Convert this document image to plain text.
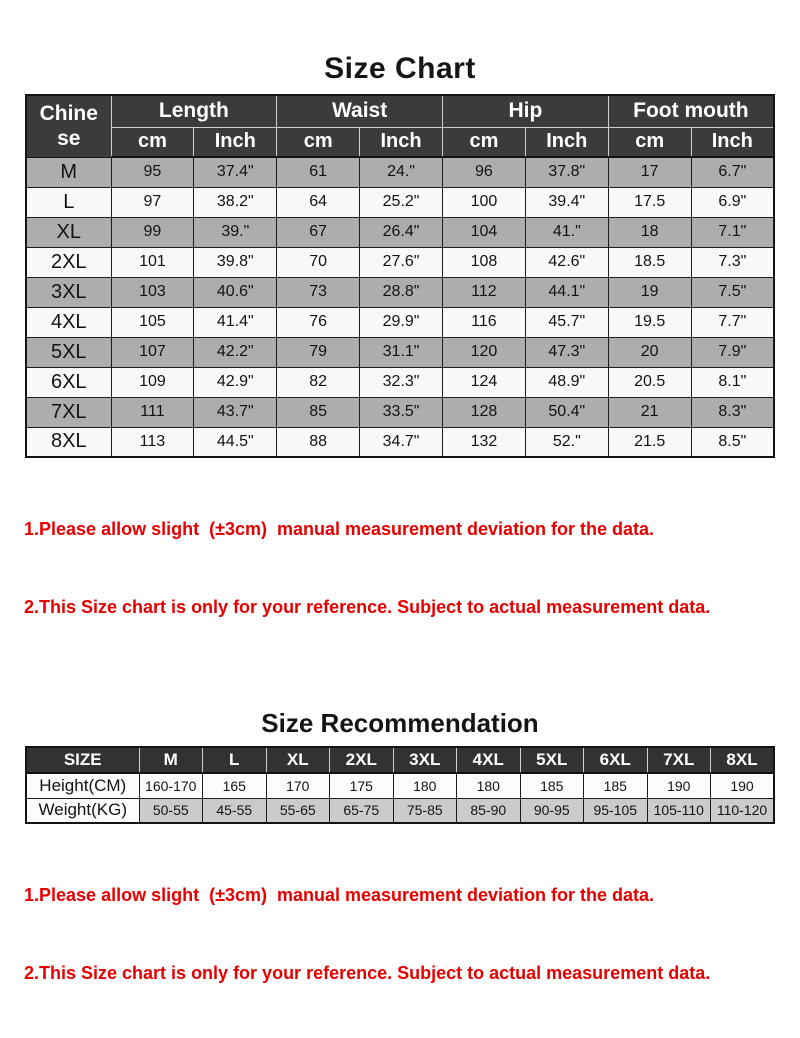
Size Chart
Chine
se	Length		Waist		Hip		Foot mouth	
	cm	Inch	cm	Inch	cm	Inch	cm	Inch
M	95	37.4"	61	24."	96	37.8"	17	6.7"
L	97	38.2"	64	25.2"	100	39.4"	17.5	6.9"
XL	99	39."	67	26.4"	104	41."	18	7.1"
2XL	101	39.8"	70	27.6"	108	42.6"	18.5	7.3"
3XL	103	40.6"	73	28.8"	112	44.1"	19	7.5"
4XL	105	41.4"	76	29.9"	116	45.7"	19.5	7.7"
5XL	107	42.2"	79	31.1"	120	47.3"	20	7.9"
6XL	109	42.9"	82	32.3"	124	48.9"	20.5	8.1"
7XL	111	43.7"	85	33.5"	128	50.4"	21	8.3"
8XL	113	44.5"	88	34.7"	132	52."	21.5	8.5"

1.Please allow slight  (±3cm)  manual measurement deviation for the data.

2.This Size chart is only for your reference. Subject to actual measurement data.

Size Recommendation
SIZE	M	L	XL	2XL	3XL	4XL	5XL	6XL	7XL	8XL
Height(CM)	160-170	165	170	175	180	180	185	185	190	190
Weight(KG)	50-55	45-55	55-65	65-75	75-85	85-90	90-95	95-105	105-110	110-120

1.Please allow slight  (±3cm)  manual measurement deviation for the data.

2.This Size chart is only for your reference. Subject to actual measurement data.
